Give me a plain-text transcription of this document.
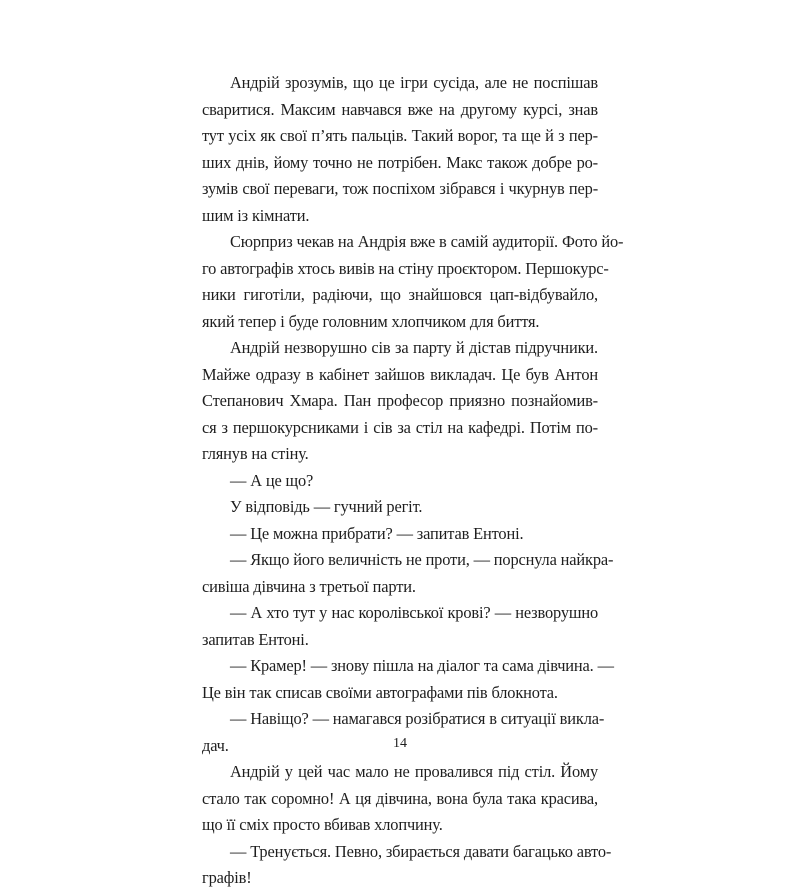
Андрій зрозумів, що це ігри сусіда, але не поспішав
сваритися. Максим навчався вже на другому курсі, знав
тут усіх як свої п’ять пальців. Такий ворог, та ще й з пер-
ших днів, йому точно не потрібен. Макс також добре ро-
зумів свої переваги, тож поспіхом зібрався і чкурнув пер-
шим із кімнати.
Сюрприз чекав на Андрія вже в самій аудиторії. Фото йо-
го автографів хтось вивів на стіну проєктором. Першокурс-
ники гиготіли, радіючи, що знайшовся цап-відбувайло,
який тепер і буде головним хлопчиком для биття.
Андрій незворушно сів за парту й дістав підручники.
Майже одразу в кабінет зайшов викладач. Це був Антон
Степанович Хмара. Пан професор приязно познайомив-
ся з першокурсниками і сів за стіл на кафедрі. Потім по-
глянув на стіну.
— А це що?
У відповідь — гучний регіт.
— Це можна прибрати? — запитав Ентоні.
— Якщо його величність не проти, — порснула найкра-
сивіша дівчина з третьої парти.
— А хто тут у нас королівської крові? — незворушно
запитав Ентоні.
— Крамер! — знову пішла на діалог та сама дівчина. —
Це він так списав своїми автографами пів блокнота.
— Навіщо? — намагався розібратися в ситуації виклa-
дач.
Андрій у цей час мало не провалився під стіл. Йому
стало так соромно! А ця дівчина, вона була така красива,
що її сміх просто вбивав хлопчину.
— Тренується. Певно, збирається давати багацько авто-
графів!
14
